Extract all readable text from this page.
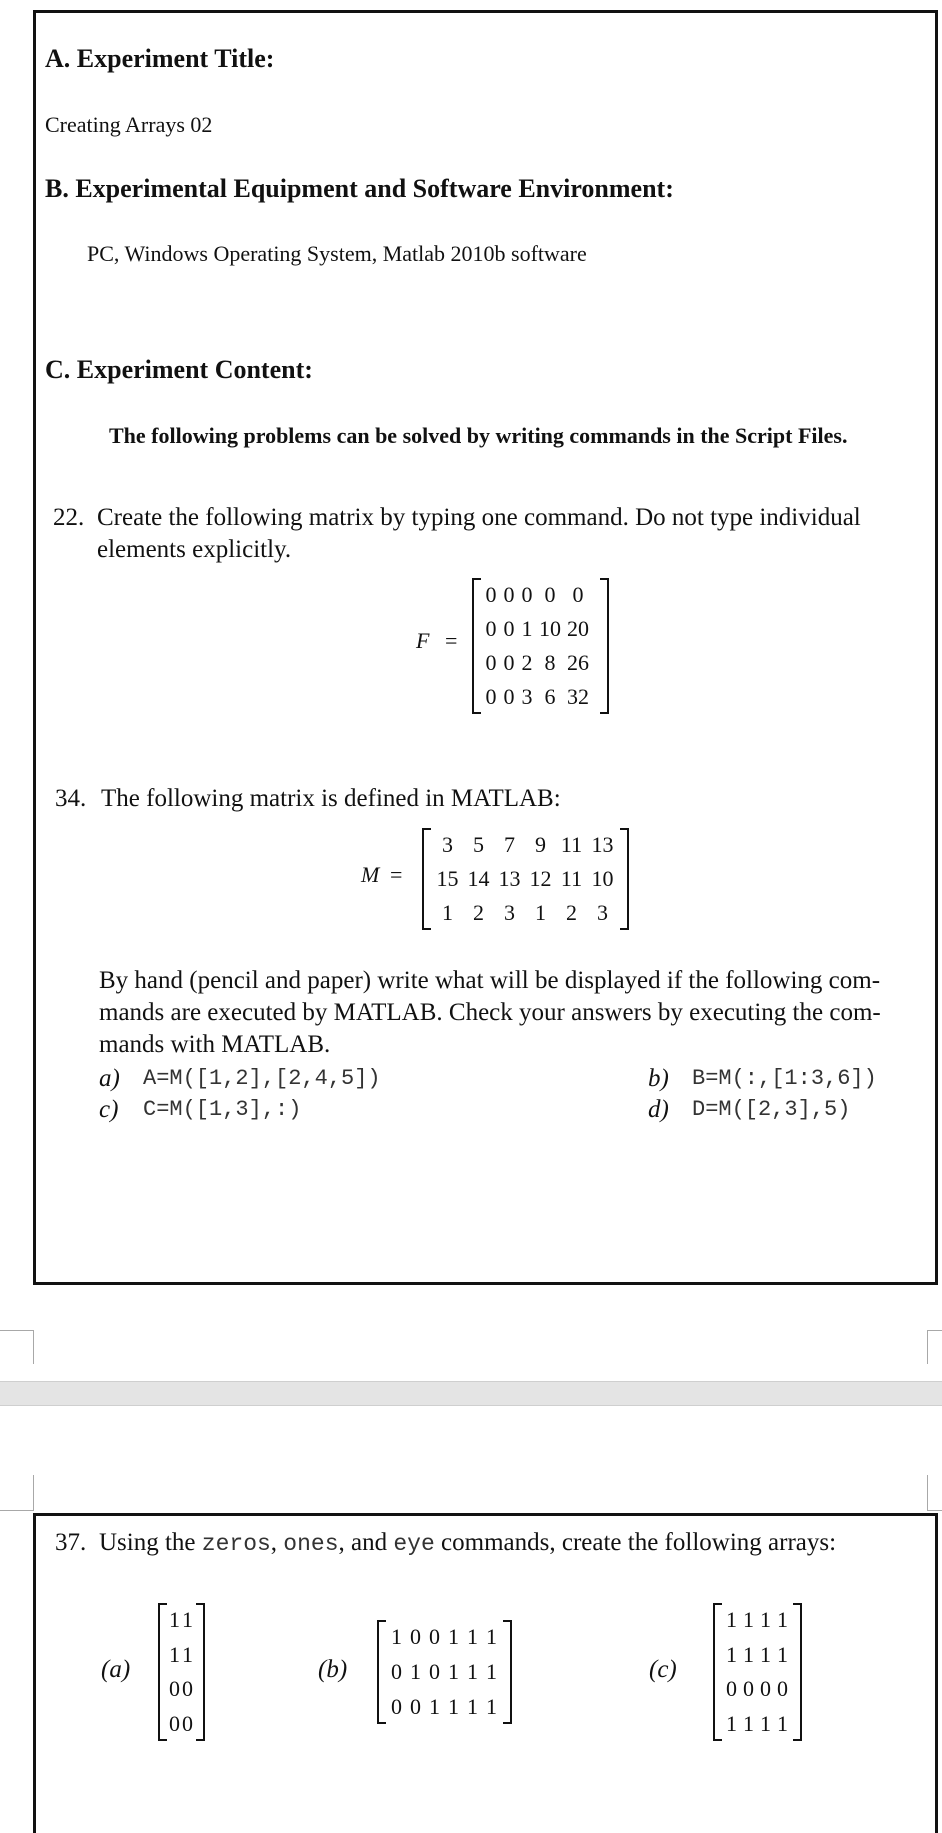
A. Experiment Title:
Creating Arrays 02
B. Experimental Equipment and Software Environment:
PC, Windows Operating System, Matlab 2010b software
C. Experiment Content:
The following problems can be solved by writing commands in the Script Files.
22. Create the following matrix by typing one command. Do not type individual
elements explicitly.
F =
0 0 0 0 0
0 0 1 10 20
0 0 2 8 26
0 0 3 6 32
34. The following matrix is defined in MATLAB:
M =
3 5 7 9 11 13
15 14 13 12 11 10
1 2 3 1 2 3
By hand (pencil and paper) write what will be displayed if the following com-
mands are executed by MATLAB. Check your answers by executing the com-
mands with MATLAB.
a) A=M([1,2],[2,4,5])	b) B=M(:,[1:3,6])
c) C=M([1,3],:)	d) D=M([2,3],5)
37. Using the zeros, ones, and eye commands, create the following arrays:
(a)
1 1
1 1
0 0
0 0
(b)
1 0 0 1 1 1
0 1 0 1 1 1
0 0 1 1 1 1
(c)
1 1 1 1
1 1 1 1
0 0 0 0
1 1 1 1
